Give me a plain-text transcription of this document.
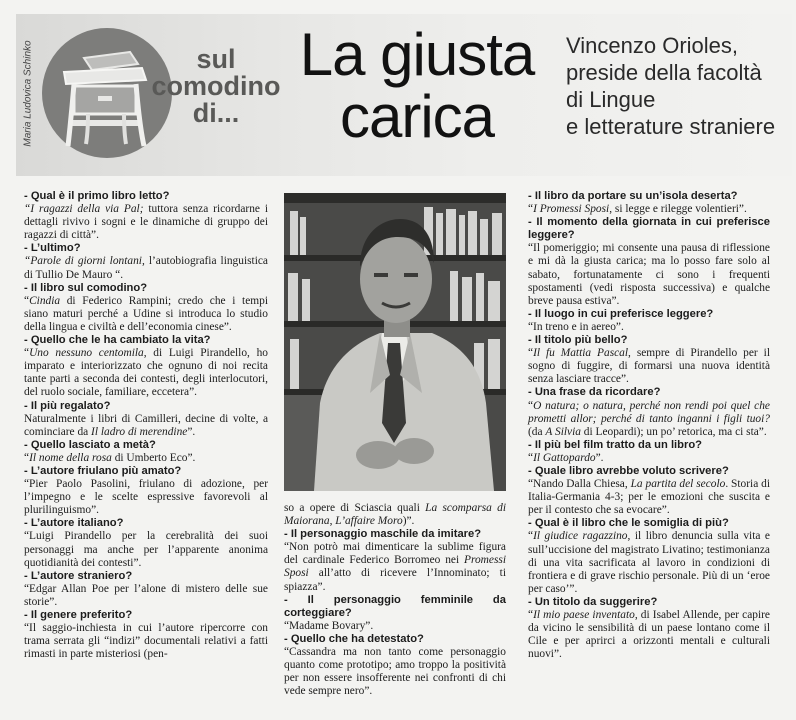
Maria Ludovica Schinko	sul
comodino
di...
La giusta
carica
Vincenzo Orioles,
preside della facoltà
di Lingue
e letterature straniere

- Qual è il primo libro letto?

“I ragazzi della via Pal; tuttora senza ricordarne i dettagli rivivo i sogni e le dinamiche di gruppo dei ragazzi di città”.

- L’ultimo?

“Parole di giorni lontani, l’autobiografia linguistica di Tullio De Mauro “.

- Il libro sul comodino?

“Cindia di Federico Rampini; credo che i tempi siano maturi perché a Udine si introduca lo studio della lingua e civiltà e dell’economia cinese”.

- Quello che le ha cambiato la vita?

“Uno nessuno centomila, di Luigi Pirandello, ho imparato e interiorizzato che ognuno di noi recita tante parti a seconda dei contesti, degli interlocutori, del ruolo sociale, familiare, eccetera”.

- Il più regalato?

Naturalmente i libri di Camilleri, decine di volte, a cominciare da Il ladro di merendine”.

- Quello lasciato a metà?

“Il nome della rosa di Umberto Eco”.

- L’autore friulano più amato?

“Pier Paolo Pasolini, friulano di adozione, per l’impegno e le scelte espressive favorevoli al plurilinguismo”.

- L’autore italiano?

“Luigi Pirandello per la cerebralità dei suoi personaggi ma anche per l’apparente anonima quotidianità dei contesti”.

- L’autore straniero?

“Edgar Allan Poe per l’alone di mistero delle sue storie”.

- Il genere preferito?

“Il saggio-inchiesta in cui l’autore ripercorre con trama serrata gli “indizi” documentali relativi a fatti rimasti in parte misteriosi (pen-

so a opere di Sciascia quali La scomparsa di Maiorana, L’affaire Moro)”.

- Il personaggio maschile da imitare?

“Non potrò mai dimenticare la sublime figura del cardinale Federico Borromeo nei Promessi Sposi all’atto di ricevere l’Innominato; ti spiazza”.

- Il personaggio femminile da corteggiare?

“Madame Bovary”.

- Quello che ha detestato?

“Cassandra ma non tanto come personaggio quanto come prototipo; amo troppo la positività per non essere insofferente nei confronti di chi vede sempre nero”.

- Il libro da portare su un’isola deserta?

“I Promessi Sposi, si legge e rilegge volentieri”.

- Il momento della giornata in cui preferisce leggere?

“Il pomeriggio; mi consente una pausa di riflessione e mi dà la giusta carica; ma lo posso fare solo al sabato, fortunatamente ci sono i frequenti spostamenti (vedi risposta successiva) e qualche breve pausa estiva”.

- Il luogo in cui preferisce leggere?

“In treno e in aereo”.

- Il titolo più bello?

“Il fu Mattia Pascal, sempre di Pirandello per il sogno di fuggire, di formarsi una nuova identità senza lasciare tracce”.

- Una frase da ricordare?

“O natura; o natura, perché non rendi poi quel che prometti allor; perché di tanto inganni i figli tuoi? (da A Silvia di Leopardi); un po’ retorica, ma ci sta”.

- Il più bel film tratto da un libro?

“Il Gattopardo”.

- Quale libro avrebbe voluto scrivere?

“Nando Dalla Chiesa, La partita del secolo. Storia di Italia-Germania 4-3; per le emozioni che suscita e per il contesto che sa evocare”.

- Qual è il libro che le somiglia di più?

“Il giudice ragazzino, il libro denuncia sulla vita e sull’uccisione del magistrato Livatino; testimonianza di una vita sacrificata al lavoro in condizioni di frontiera e di grave rischio personale. Più di un ‘eroe per caso’”.

- Un titolo da suggerire?

“Il mio paese inventato, di Isabel Allende, per capire da vicino le sensibilità di un paese lontano come il Cile e per aprirci a orizzonti mentali e culturali nuovi”.
